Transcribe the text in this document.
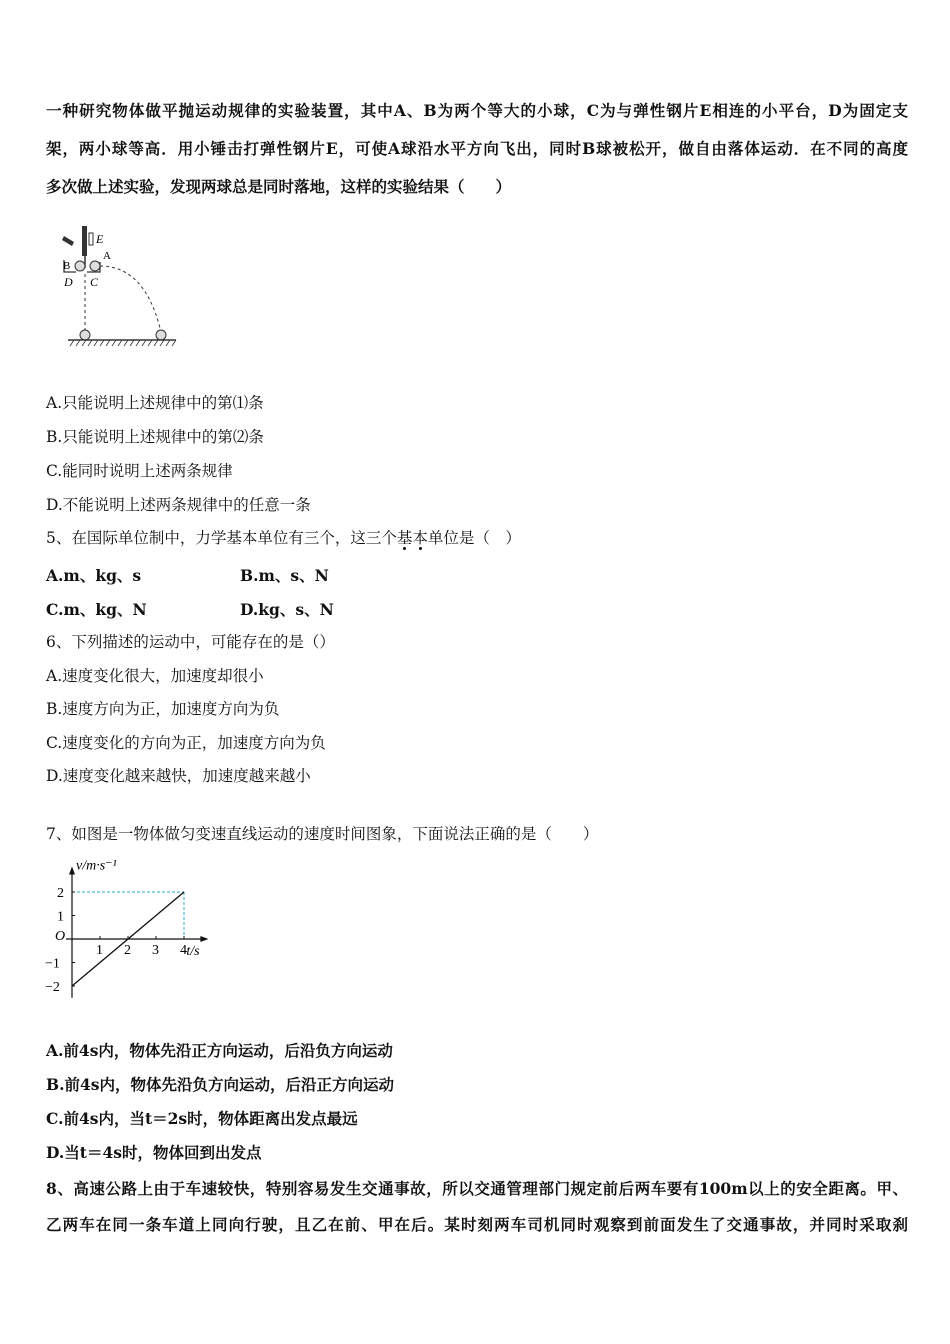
一种研究物体做平抛运动规律的实验装置，其中A、B为两个等大的小球，C为与弹性钢片E相连的小平台，D为固定支
架，两小球等高．用小锤击打弹性钢片E，可使A球沿水平方向飞出，同时B球被松开，做自由落体运动．在不同的高度
多次做上述实验，发现两球总是同时落地，这样的实验结果（　　）
E
B
A
D C
A.只能说明上述规律中的第⑴条
B.只能说明上述规律中的第⑵条
C.能同时说明上述两条规律
D.不能说明上述两条规律中的任意一条
5、在国际单位制中，力学基本单位有三个，这三个基本单位是（　）
A.m、kg、s	B.m、s、N
C.m、kg、N	D.kg、s、N
6、下列描述的运动中，可能存在的是（）
A.速度变化很大，加速度却很小
B.速度方向为正，加速度方向为负
C.速度变化的方向为正，加速度方向为负
D.速度变化越来越快，加速度越来越小
7、如图是一物体做匀变速直线运动的速度时间图象，下面说法正确的是（　　）
v/m·s⁻¹
t/s
O
1 2 3 4
2
1
−1
−2
A.前4s内，物体先沿正方向运动，后沿负方向运动
B.前4s内，物体先沿负方向运动，后沿正方向运动
C.前4s内，当t＝2s时，物体距离出发点最远
D.当t＝4s时，物体回到出发点
8、高速公路上由于车速较快，特别容易发生交通事故，所以交通管理部门规定前后两车要有100m以上的安全距离。甲、
乙两车在同一条车道上同向行驶，且乙在前、甲在后。某时刻两车司机同时观察到前面发生了交通事故，并同时采取刹
